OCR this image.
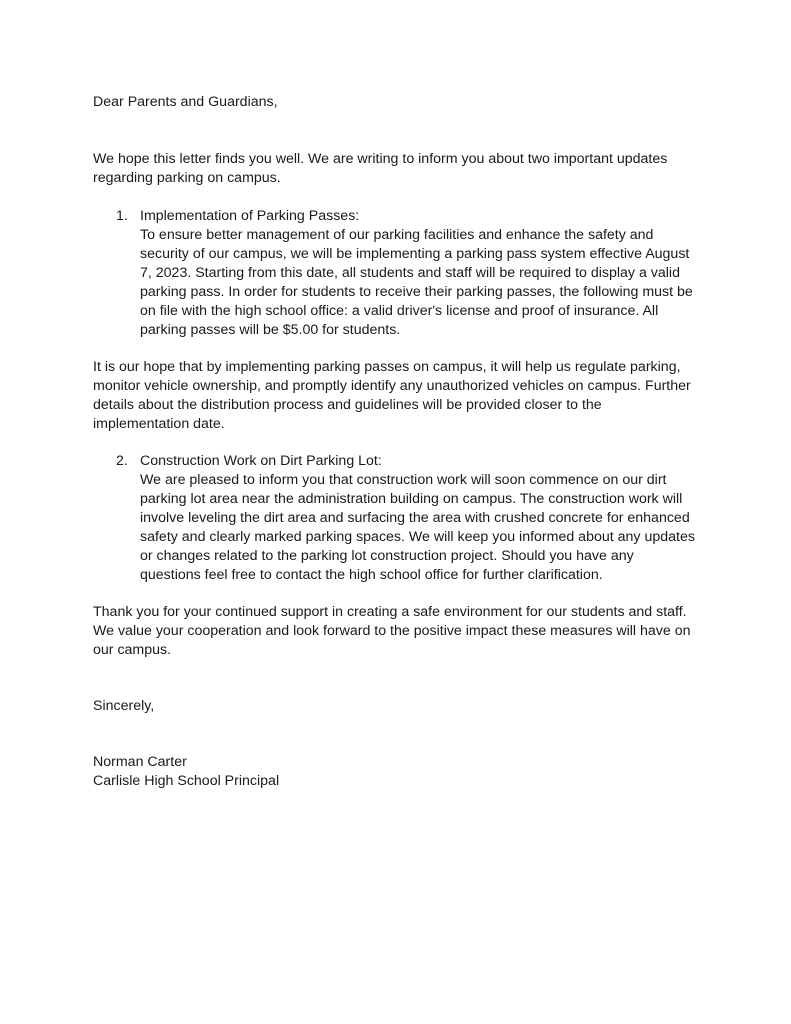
Dear Parents and Guardians,
We hope this letter finds you well. We are writing to inform you about two important updates
regarding parking on campus.
1. Implementation of Parking Passes:
To ensure better management of our parking facilities and enhance the safety and
security of our campus, we will be implementing a parking pass system effective August
7, 2023. Starting from this date, all students and staff will be required to display a valid
parking pass. In order for students to receive their parking passes, the following must be
on file with the high school office: a valid driver's license and proof of insurance. All
parking passes will be $5.00 for students.
It is our hope that by implementing parking passes on campus, it will help us regulate parking,
monitor vehicle ownership, and promptly identify any unauthorized vehicles on campus. Further
details about the distribution process and guidelines will be provided closer to the
implementation date.
2. Construction Work on Dirt Parking Lot:
We are pleased to inform you that construction work will soon commence on our dirt
parking lot area near the administration building on campus. The construction work will
involve leveling the dirt area and surfacing the area with crushed concrete for enhanced
safety and clearly marked parking spaces. We will keep you informed about any updates
or changes related to the parking lot construction project. Should you have any
questions feel free to contact the high school office for further clarification.
Thank you for your continued support in creating a safe environment for our students and staff.
We value your cooperation and look forward to the positive impact these measures will have on
our campus.
Sincerely,
Norman Carter
Carlisle High School Principal
